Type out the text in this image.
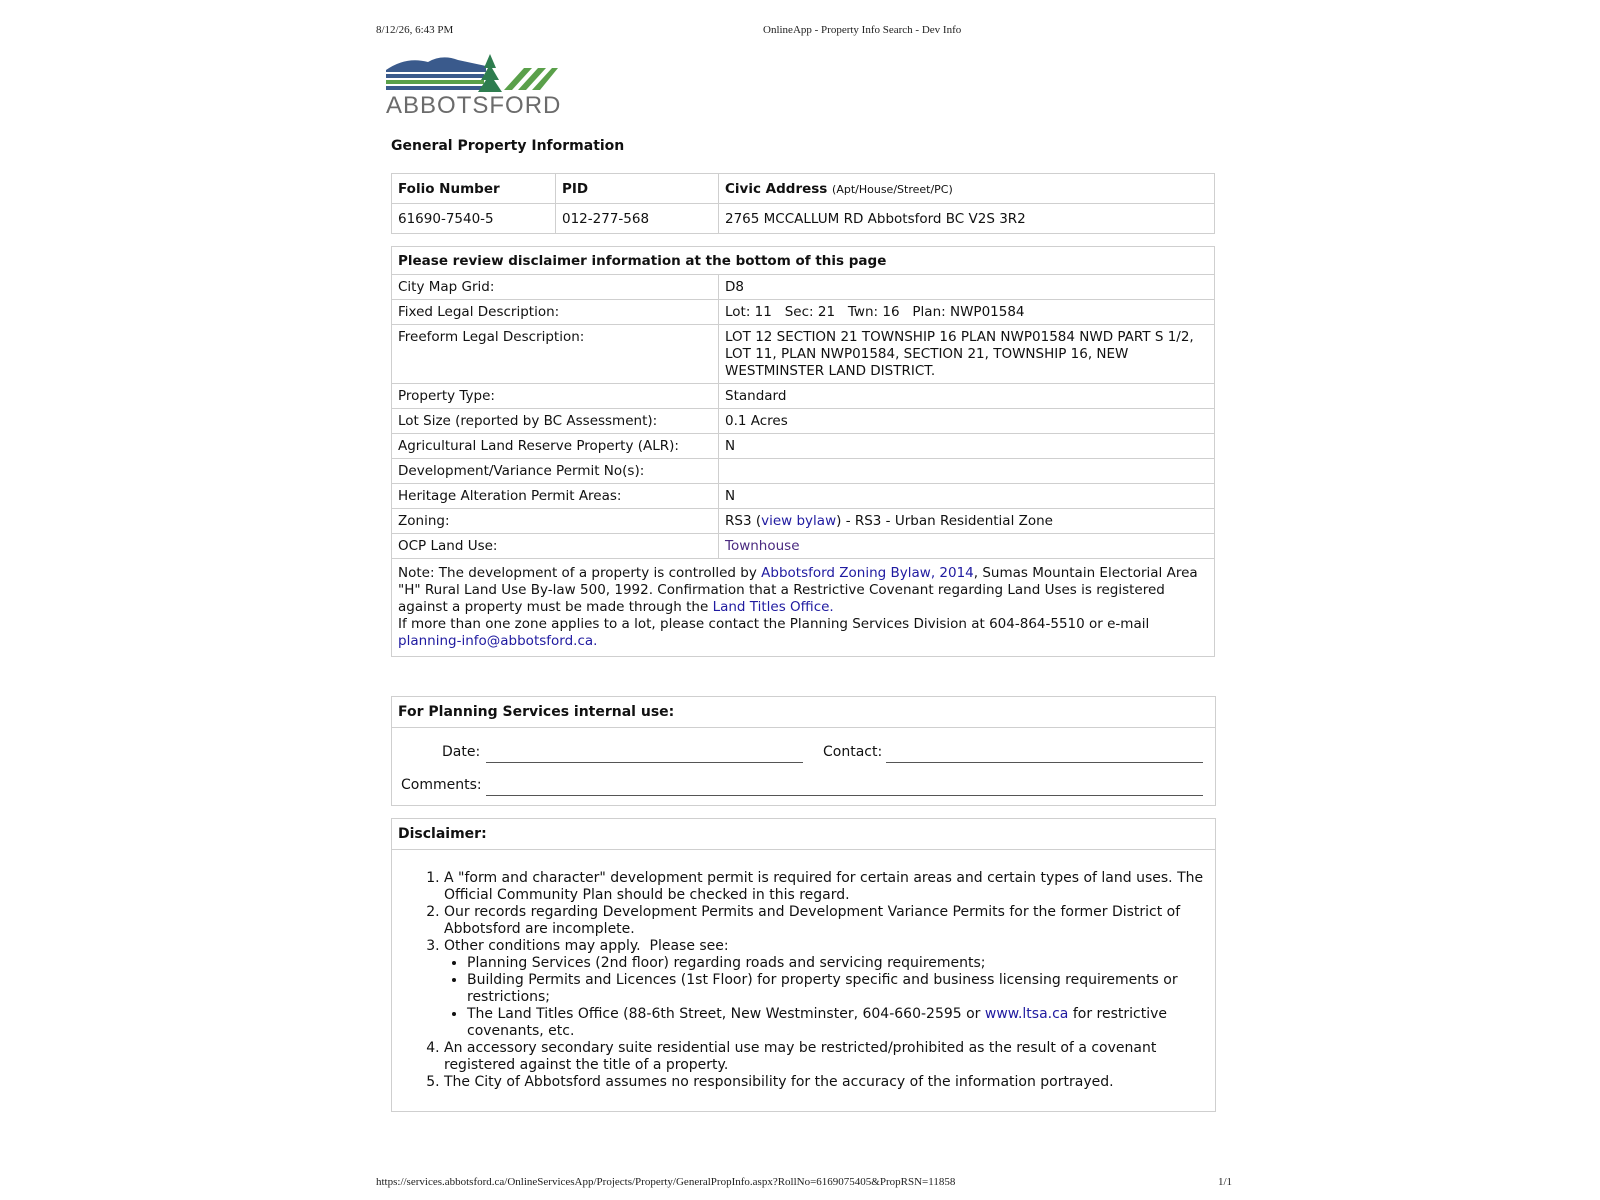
8/12/26, 6:43 PM	OnlineApp - Property Info Search - Dev Info
ABBOTSFORD
General Property Information
Folio Number	PID	Civic Address (Apt/House/Street/PC)
61690-7540-5	012-277-568	2765 MCCALLUM RD Abbotsford BC V2S 3R2
Please review disclaimer information at the bottom of this page	
City Map Grid:	D8
Fixed Legal Description:	Lot: 11   Sec: 21   Twn: 16   Plan: NWP01584
Freeform Legal Description:	LOT 12 SECTION 21 TOWNSHIP 16 PLAN NWP01584 NWD PART S 1/2, LOT 11, PLAN NWP01584, SECTION 21, TOWNSHIP 16, NEW WESTMINSTER LAND DISTRICT.
Property Type:	Standard
Lot Size (reported by BC Assessment):	0.1 Acres
Agricultural Land Reserve Property (ALR):	N
Development/Variance Permit No(s):	
Heritage Alteration Permit Areas:	N
Zoning:	RS3 (view bylaw) - RS3 - Urban Residential Zone
OCP Land Use:	Townhouse
Note: The development of a property is controlled by Abbotsford Zoning Bylaw, 2014, Sumas Mountain Electorial Area "H" Rural Land Use By-law 500, 1992. Confirmation that a Restrictive Covenant regarding Land Uses is registered against a property must be made through the Land Titles Office.
If more than one zone applies to a lot, please contact the Planning Services Division at 604-864-5510 or e-mail
planning-info@abbotsford.ca.	
For Planning Services internal use:
Date:	Contact:
Comments:
Disclaimer:
1. A "form and character" development permit is required for certain areas and certain types of land uses. The Official Community Plan should be checked in this regard.
2. Our records regarding Development Permits and Development Variance Permits for the former District of Abbotsford are incomplete.
3. Other conditions may apply.  Please see:
• Planning Services (2nd floor) regarding roads and servicing requirements;
• Building Permits and Licences (1st Floor) for property specific and business licensing requirements or restrictions;
• The Land Titles Office (88-6th Street, New Westminster, 604-660-2595 or www.ltsa.ca for restrictive covenants, etc.
4. An accessory secondary suite residential use may be restricted/prohibited as the result of a covenant registered against the title of a property.
5. The City of Abbotsford assumes no responsibility for the accuracy of the information portrayed.
https://services.abbotsford.ca/OnlineServicesApp/Projects/Property/GeneralPropInfo.aspx?RollNo=6169075405&PropRSN=11858	1/1
